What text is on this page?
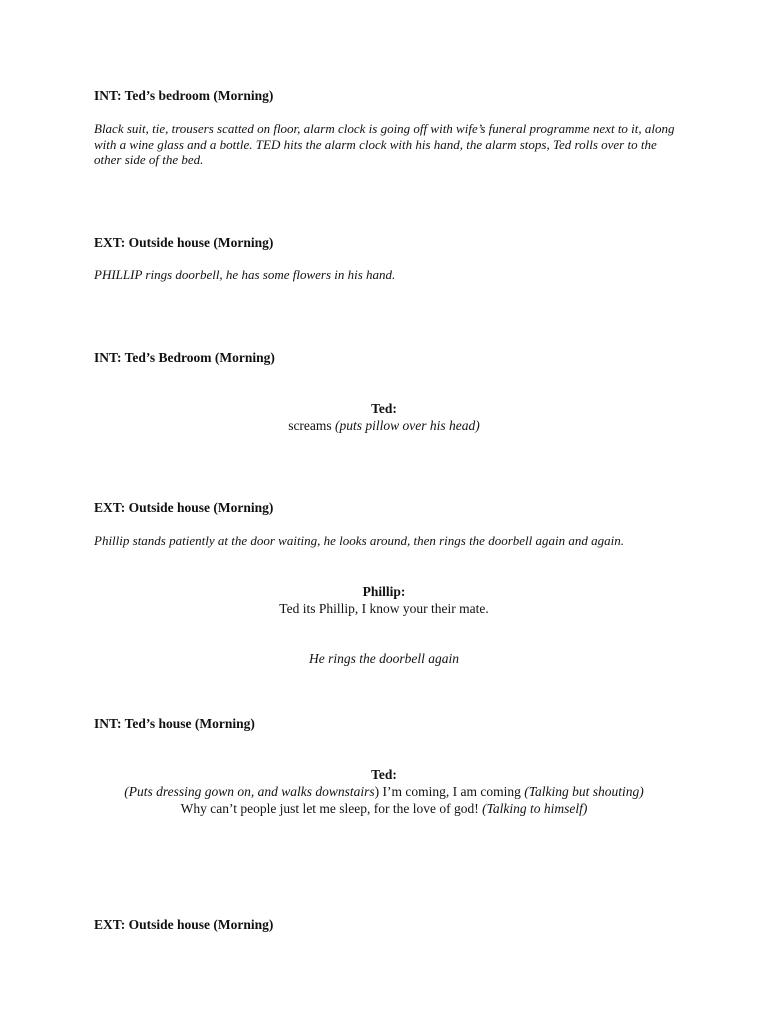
INT: Ted’s bedroom (Morning)
Black suit, tie, trousers scatted on floor, alarm clock is going off with wife’s funeral programme next to it, along with a wine glass and a bottle. TED hits the alarm clock with his hand, the alarm stops, Ted rolls over to the other side of the bed.
EXT: Outside house (Morning)
PHILLIP rings doorbell, he has some flowers in his hand.
INT: Ted’s Bedroom (Morning)
Ted:
screams (puts pillow over his head)
EXT: Outside house (Morning)
Phillip stands patiently at the door waiting, he looks around, then rings the doorbell again and again.
Phillip:
Ted its Phillip, I know your their mate.
He rings the doorbell again
INT: Ted’s house (Morning)
Ted:
(Puts dressing gown on, and walks downstairs) I’m coming, I am coming (Talking but shouting)
Why can’t people just let me sleep, for the love of god! (Talking to himself)
EXT: Outside house (Morning)
